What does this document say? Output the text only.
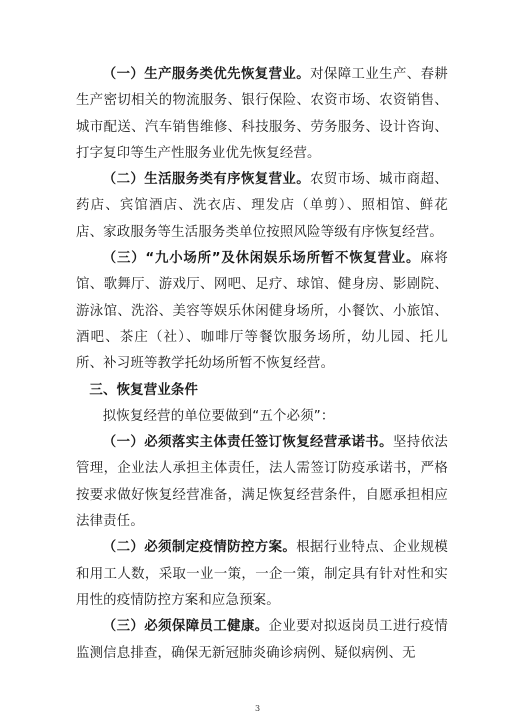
（一）生产服务类优先恢复营业。对保障工业生产、春耕生产密切相关的物流服务、银行保险、农资市场、农资销售、城市配送、汽车销售维修、科技服务、劳务服务、设计咨询、打字复印等生产性服务业优先恢复经营。

（二）生活服务类有序恢复营业。农贸市场、城市商超、药店、宾馆酒店、洗衣店、理发店（单剪）、照相馆、鲜花店、家政服务等生活服务类单位按照风险等级有序恢复经营。

（三）“九小场所”及休闲娱乐场所暂不恢复营业。麻将馆、歌舞厅、游戏厅、网吧、足疗、球馆、健身房、影剧院、游泳馆、洗浴、美容等娱乐休闲健身场所，小餐饮、小旅馆、酒吧、茶庄（社）、咖啡厅等餐饮服务场所，幼儿园、托儿所、补习班等教学托幼场所暂不恢复经营。

三、恢复营业条件

拟恢复经营的单位要做到“五个必须”：

（一）必须落实主体责任签订恢复经营承诺书。坚持依法管理，企业法人承担主体责任，法人需签订防疫承诺书，严格按要求做好恢复经营准备，满足恢复经营条件，自愿承担相应法律责任。

（二）必须制定疫情防控方案。根据行业特点、企业规模和用工人数，采取一业一策，一企一策，制定具有针对性和实用性的疫情防控方案和应急预案。

（三）必须保障员工健康。企业要对拟返岗员工进行疫情监测信息排查，确保无新冠肺炎确诊病例、疑似病例、无

3
